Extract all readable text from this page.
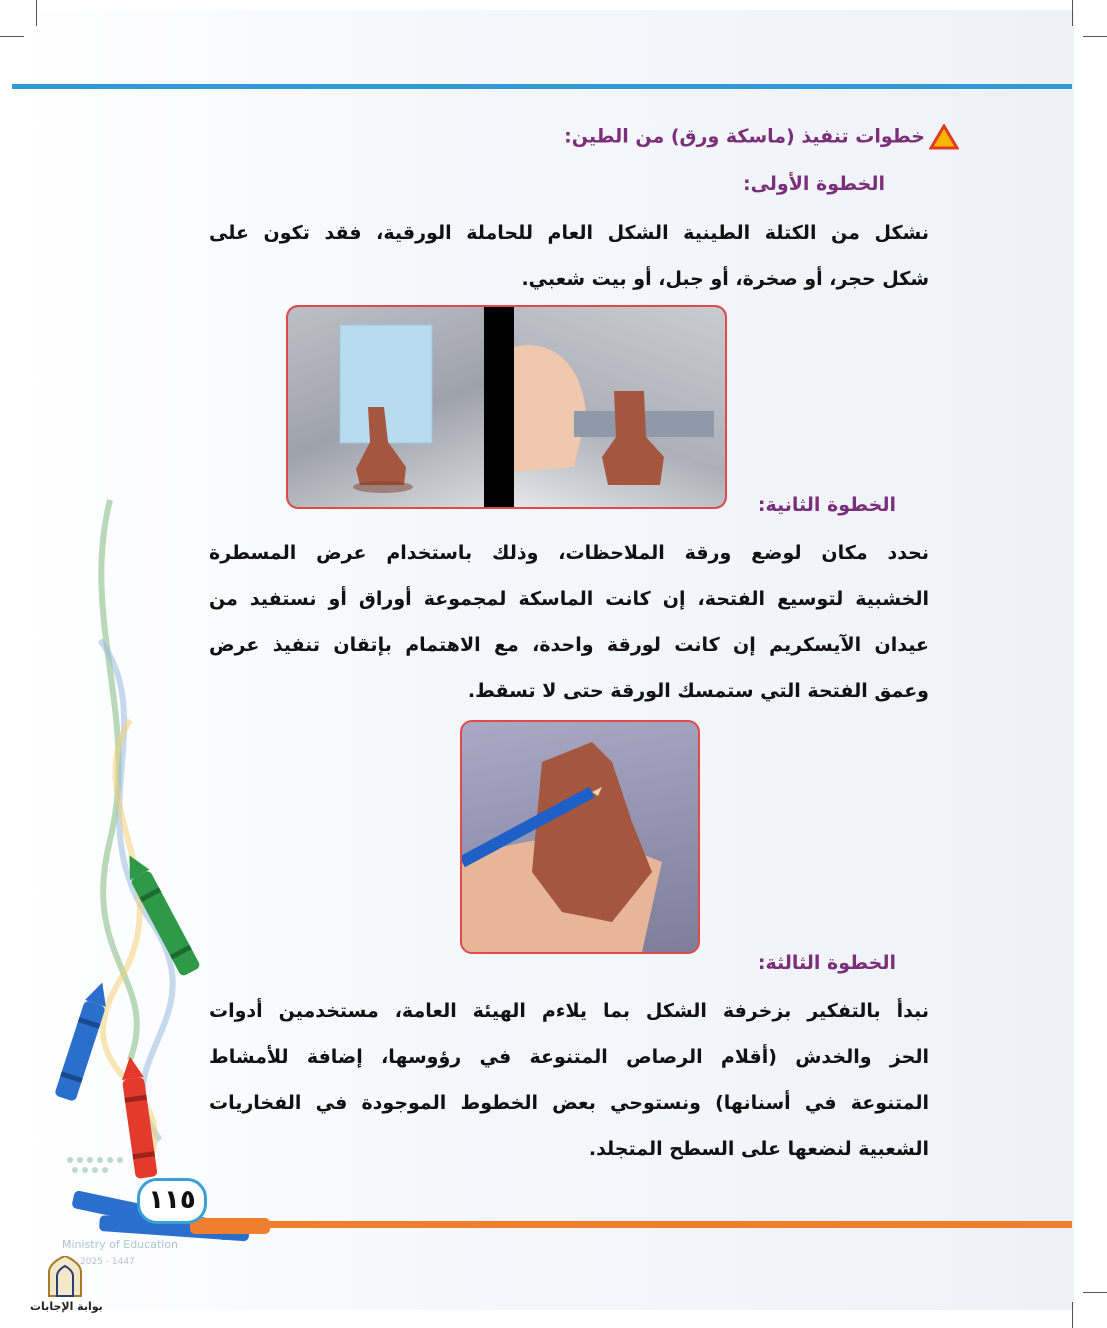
خطوات تنفيذ (ماسكة ورق) من الطين:
الخطوة الأولى:

نشكل من الكتلة الطينية الشكل العام للحاملة الورقية، فقد تكون على

شكل حجر، أو صخرة، أو جبل، أو بيت شعبي.

الخطوة الثانية:

نحدد مكان لوضع ورقة الملاحظات، وذلك باستخدام عرض المسطرة

الخشبية لتوسيع الفتحة، إن كانت الماسكة لمجموعة أوراق أو نستفيد من

عيدان الآيسكريم إن كانت لورقة واحدة، مع الاهتمام بإتقان تنفيذ عرض

وعمق الفتحة التي ستمسك الورقة حتى لا تسقط.

الخطوة الثالثة:

نبدأ بالتفكير بزخرفة الشكل بما يلاءم الهيئة العامة، مستخدمين أدوات

الحز والخدش (أقلام الرصاص المتنوعة في رؤوسها، إضافة للأمشاط

المتنوعة في أسنانها) ونستوحي بعض الخطوط الموجودة في الفخاريات

الشعبية لنضعها على السطح المتجلد.

١١٥
Ministry of Education
2025 - 1447
بوابة الإجابات
